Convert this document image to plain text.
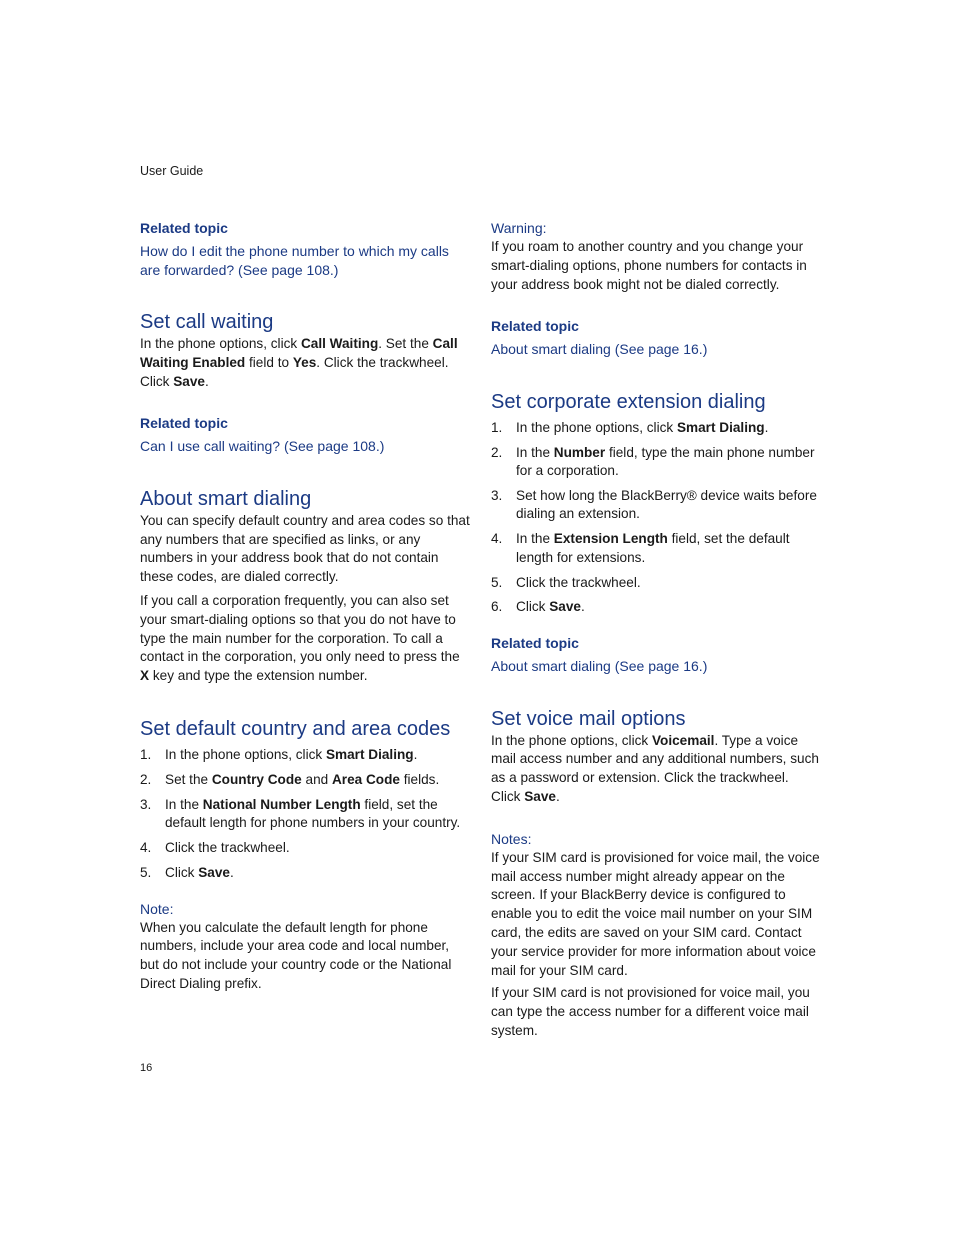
User Guide
Related topic
How do I edit the phone number to which my calls are forwarded? (See page 108.)
Set call waiting

In the phone options, click Call Waiting. Set the Call Waiting Enabled field to Yes. Click the trackwheel. Click Save.

Related topic
Can I use call waiting? (See page 108.)
About smart dialing

You can specify default country and area codes so that any numbers that are specified as links, or any numbers in your address book that do not contain these codes, are dialed correctly.

If you call a corporation frequently, you can also set your smart-dialing options so that you do not have to type the main number for the corporation. To call a contact in the corporation, you only need to press the X key and type the extension number.

Set default country and area codes
1.	In the phone options, click Smart Dialing.
2.	Set the Country Code and Area Code fields.
3.	In the National Number Length field, set the default length for phone numbers in your country.
4.	Click the trackwheel.
5.	Click Save.
Note:

When you calculate the default length for phone numbers, include your area code and local number, but do not include your country code or the National Direct Dialing prefix.

Warning:

If you roam to another country and you change your smart-dialing options, phone numbers for contacts in your address book might not be dialed correctly.

Related topic
About smart dialing (See page 16.)
Set corporate extension dialing
1.	In the phone options, click Smart Dialing.
2.	In the Number field, type the main phone number for a corporation.
3.	Set how long the BlackBerry® device waits before dialing an extension.
4.	In the Extension Length field, set the default length for extensions.
5.	Click the trackwheel.
6.	Click Save.
Related topic
About smart dialing (See page 16.)
Set voice mail options

In the phone options, click Voicemail. Type a voice mail access number and any additional numbers, such as a password or extension. Click the trackwheel. Click Save.

Notes:

If your SIM card is provisioned for voice mail, the voice mail access number might already appear on the screen. If your BlackBerry device is configured to enable you to edit the voice mail number on your SIM card, the edits are saved on your SIM card. Contact your service provider for more information about voice mail for your SIM card.

If your SIM card is not provisioned for voice mail, you can type the access number for a different voice mail system.

16
